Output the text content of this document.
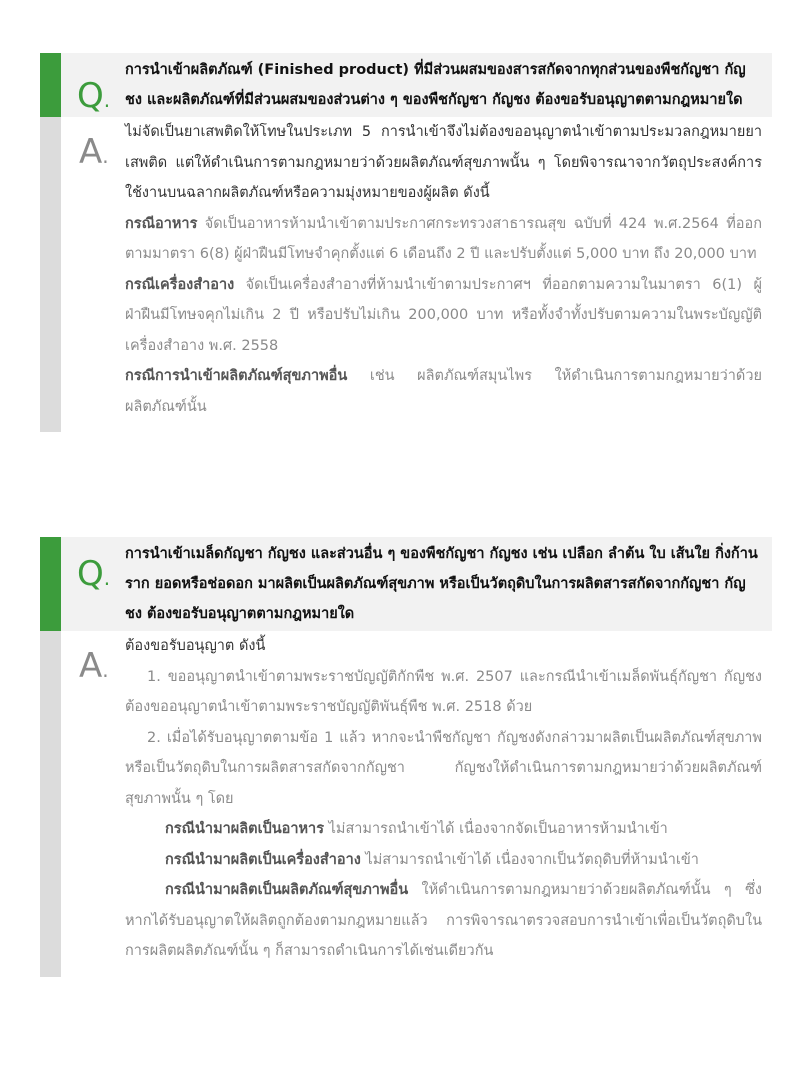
Q.
การนำเข้าผลิตภัณฑ์ (Finished product) ที่มีส่วนผสมของสารสกัดจากทุกส่วนของพืชกัญชา กัญชง และผลิตภัณฑ์ที่มีส่วนผสมของส่วนต่าง ๆ ของพืชกัญชา กัญชง ต้องขอรับอนุญาตตามกฎหมายใด
A.

ไม่จัดเป็นยาเสพติดให้โทษในประเภท 5 การนำเข้าจึงไม่ต้องขออนุญาตนำเข้าตามประมวลกฎหมายยาเสพติด แต่ให้ดำเนินการตามกฎหมายว่าด้วยผลิตภัณฑ์สุขภาพนั้น ๆ โดยพิจารณาจากวัตถุประสงค์การใช้งานบนฉลากผลิตภัณฑ์หรือความมุ่งหมายของผู้ผลิต ดังนี้

กรณีอาหาร จัดเป็นอาหารห้ามนำเข้าตามประกาศกระทรวงสาธารณสุข ฉบับที่ 424 พ.ศ.2564 ที่ออกตามมาตรา 6(8) ผู้ฝ่าฝืนมีโทษจำคุกตั้งแต่ 6 เดือนถึง 2 ปี และปรับตั้งแต่ 5,000 บาท ถึง 20,000 บาท

กรณีเครื่องสำอาง จัดเป็นเครื่องสำอางที่ห้ามนำเข้าตามประกาศฯ ที่ออกตามความในมาตรา 6(1) ผู้ฝ่าฝืนมีโทษจคุกไม่เกิน 2 ปี หรือปรับไม่เกิน 200,000 บาท หรือทั้งจำทั้งปรับตามความในพระบัญญัติเครื่องสำอาง พ.ศ. 2558

กรณีการนำเข้าผลิตภัณฑ์สุขภาพอื่น เช่น ผลิตภัณฑ์สมุนไพร ให้ดำเนินการตามกฎหมายว่าด้วยผลิตภัณฑ์นั้น

Q.
การนำเข้าเมล็ดกัญชา กัญชง และส่วนอื่น ๆ ของพืชกัญชา กัญชง เช่น เปลือก ลำต้น ใบ เส้นใย กิ่งก้าน ราก ยอดหรือช่อดอก มาผลิตเป็นผลิตภัณฑ์สุขภาพ หรือเป็นวัตถุดิบในการผลิตสารสกัดจากกัญชา กัญชง ต้องขอรับอนุญาตตามกฎหมายใด
A.

ต้องขอรับอนุญาต ดังนี้

1. ขออนุญาตนำเข้าตามพระราชบัญญัติกักพืช พ.ศ. 2507 และกรณีนำเข้าเมล็ดพันธุ์กัญชา กัญชง ต้องขออนุญาตนำเข้าตามพระราชบัญญัติพันธุ์พืช พ.ศ. 2518 ด้วย

2. เมื่อได้รับอนุญาตตามข้อ 1 แล้ว หากจะนำพืชกัญชา กัญชงดังกล่าวมาผลิตเป็นผลิตภัณฑ์สุขภาพ หรือเป็นวัตถุดิบในการผลิตสารสกัดจากกัญชา กัญชงให้ดำเนินการตามกฎหมายว่าด้วยผลิตภัณฑ์สุขภาพนั้น ๆ โดย

กรณีนำมาผลิตเป็นอาหาร ไม่สามารถนำเข้าได้ เนื่องจากจัดเป็นอาหารห้ามนำเข้า

กรณีนำมาผลิตเป็นเครื่องสำอาง ไม่สามารถนำเข้าได้ เนื่องจากเป็นวัตถุดิบที่ห้ามนำเข้า

กรณีนำมาผลิตเป็นผลิตภัณฑ์สุขภาพอื่น ให้ดำเนินการตามกฎหมายว่าด้วยผลิตภัณฑ์นั้น ๆ ซึ่งหากได้รับอนุญาตให้ผลิตถูกต้องตามกฎหมายแล้ว การพิจารณาตรวจสอบการนำเข้าเพื่อเป็นวัตถุดิบในการผลิตผลิตภัณฑ์นั้น ๆ ก็สามารถดำเนินการได้เช่นเดียวกัน
